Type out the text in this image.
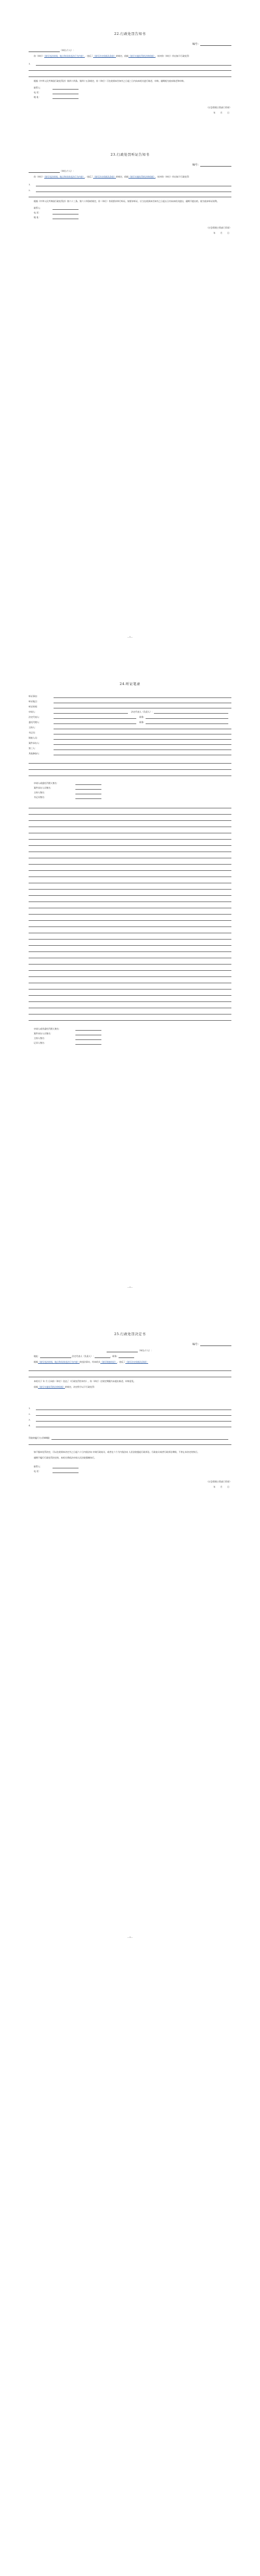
22.行政处罚告知书
编号：
（单位/个人）：
你（单位）（填写违法时间、地点和具体违法行为内容），违反了（填写法定依据及条款）的规定。依据（填写实施处罚的法律依据），拟对你（单位）作出如下行政处罚：
1.
根据《中华人民共和国行政处罚法》第四十四条、第四十五条规定，你（单位）可在收到本告知书之日起三日内向本机关进行陈述、申辩。逾期视为放弃陈述和申辩。
联系人：
电 话：
地 址：
（应急管理主管部门印章）
年 月 日
23.行政处罚听证告知书
编号：
（单位/个人）：
你（单位）（填写违法时间、地点和具体违法行为内容），违反了（填写法定依据及条款）的规定，依据（填写实施处罚的法律依据），拟对你（单位）作出如下行政处罚：
1.
2.
根据《中华人民共和国行政处罚法》第六十三条、第六十四条的规定，你（单位）有权要求举行听证。如要求听证，应当在收到本告知书之日起五日内向本机关提出，逾期不提出的，视为放弃听证权利。
联系人：
电 话：
地 址：
（应急管理主管部门印章）
年 月 日
—1—
24.听证笔录
听证事由：
听证地点：
听证时间：
申请人：	法定代表人（负责人）：
法定代表人：	职务：
委托代理人：	职务：
主持人：
书记员：
调查人员：
案件承办人：
第三人：
其他参加人：
申请人或委托代理人签名：
案件承办人员签名：
主持人签名：
书记员签名：
申请人或其委托代理人签名：
案件承办人员签名：
主持人签名：
记录人签名：
—2—
25.行政处罚决定书
编号：
（单位/个人）：
地址：	法定代表人（负责人）：	，职务：
根据（填写违法时间、地点和具体违法行为内容）的违法事实，经本机关（填写调查结论），违反了（填写法定依据及条款）
本机关于 年 月 日向你（单位）送达了《行政处罚告知书》，你（单位）在规定期限内未提出陈述、申辩意见。
依据（填写实施处罚的法律依据）的规定，决定给予以下行政处罚：
1.
2.
3.
4.
罚款的履行方式和期限：
如不服本处罚决定，可以在收到本决定书之日起六十日内依法向 申请行政复议，或者在六个月内依法向 人民法院提起行政诉讼。行政复议或者行政诉讼期间，不停止本决定的执行。
逾期不履行行政处罚决定的，本机关将依法申请人民法院强制执行。
联系人：
电 话：
（应急管理主管部门印章）
年 月 日
—3—
